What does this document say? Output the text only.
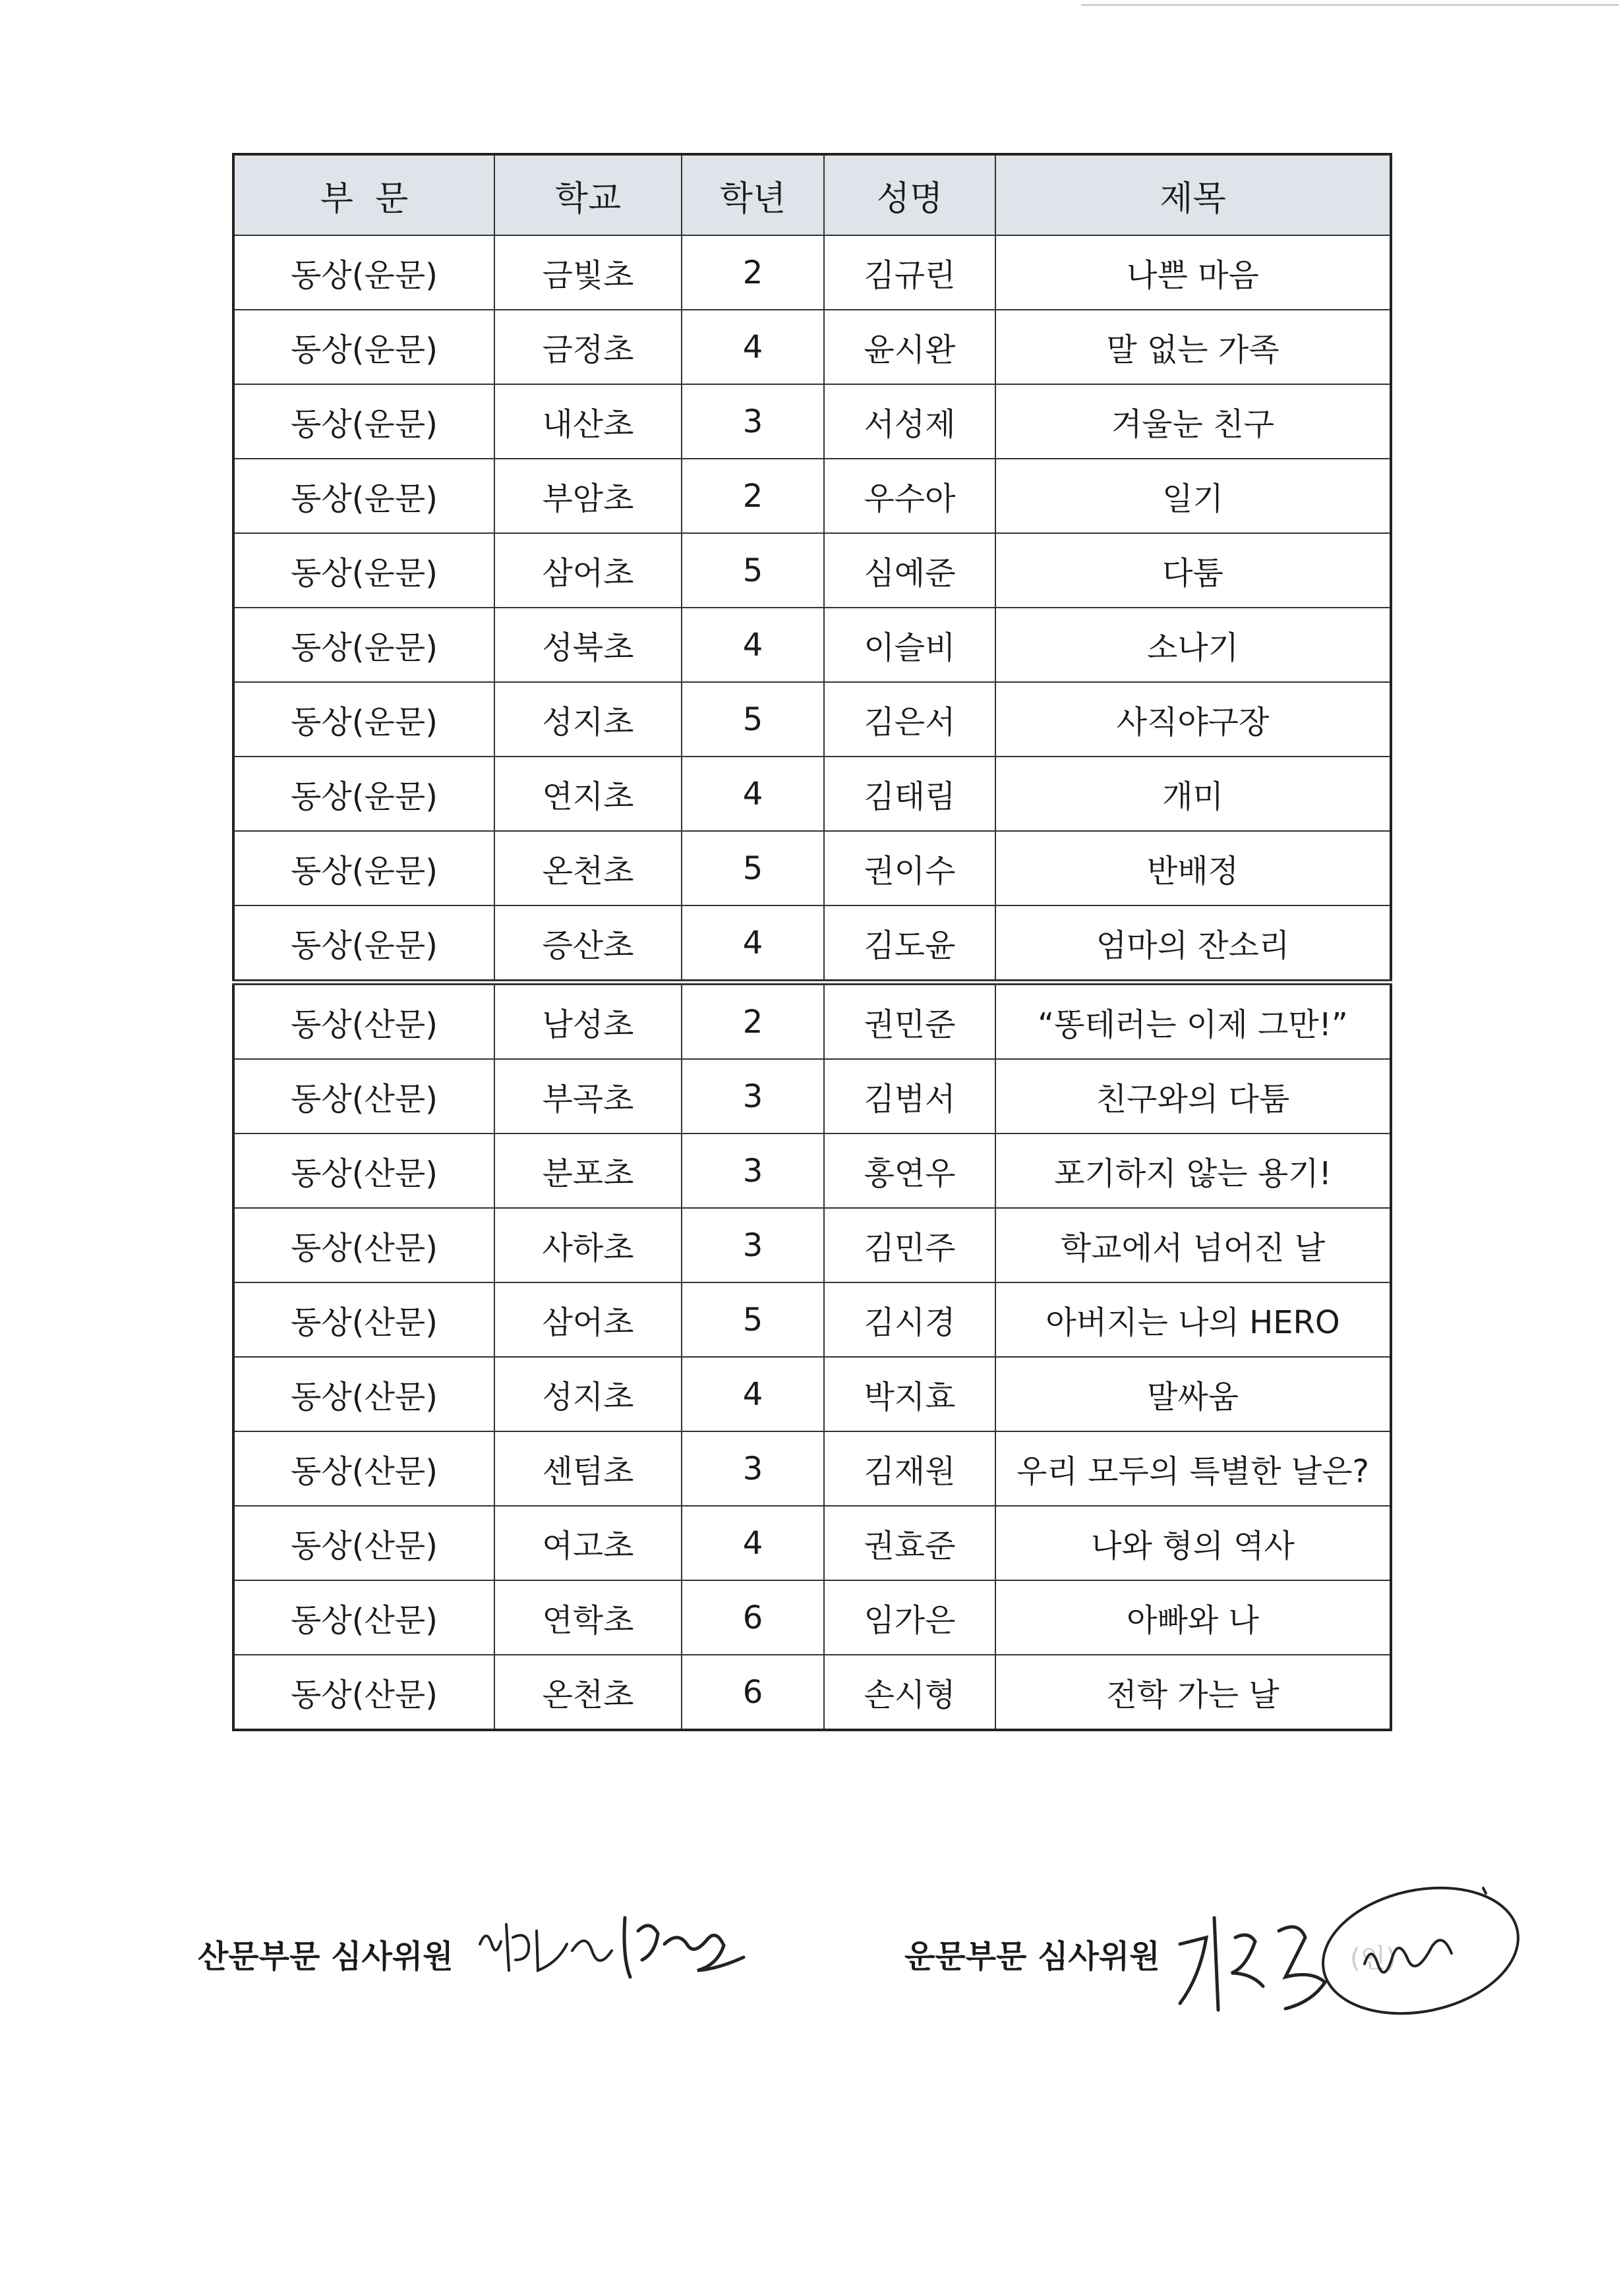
부  문	학교	학년	성명	제목
동상(운문)	금빛초	2	김규린	나쁜 마음
동상(운문)	금정초	4	윤시완	말 없는 가족
동상(운문)	내산초	3	서성제	겨울눈 친구
동상(운문)	부암초	2	우수아	일기
동상(운문)	삼어초	5	심예준	다툼
동상(운문)	성북초	4	이슬비	소나기
동상(운문)	성지초	5	김은서	사직야구장
동상(운문)	연지초	4	김태림	개미
동상(운문)	온천초	5	권이수	반배정
동상(운문)	증산초	4	김도윤	엄마의 잔소리
동상(산문)	남성초	2	권민준	“똥테러는 이제 그만!”
동상(산문)	부곡초	3	김범서	친구와의 다툼
동상(산문)	분포초	3	홍연우	포기하지 않는 용기!
동상(산문)	사하초	3	김민주	학교에서 넘어진 날
동상(산문)	삼어초	5	김시경	아버지는 나의 HERO
동상(산문)	성지초	4	박지효	말싸움
동상(산문)	센텀초	3	김재원	우리 모두의 특별한 날은?
동상(산문)	여고초	4	권효준	나와 형의 역사
동상(산문)	연학초	6	임가은	아빠와 나
동상(산문)	온천초	6	손시형	전학 가는 날
산문부문 심사위원	운문부문 심사위원	(인)
